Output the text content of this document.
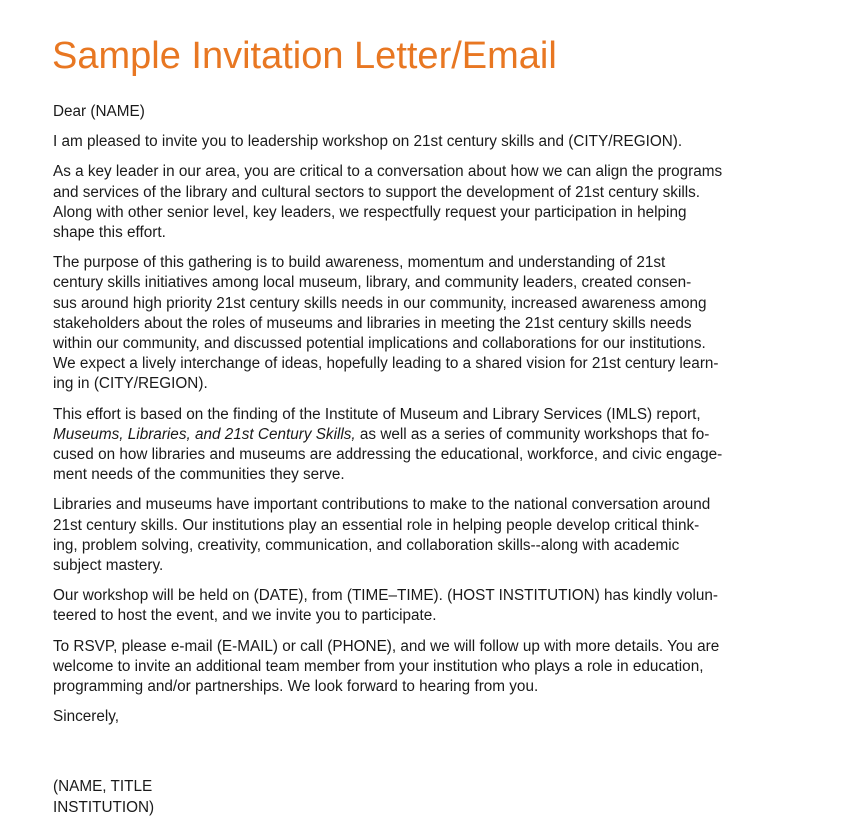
Sample Invitation Letter/Email

Dear (NAME)

I am pleased to invite you to leadership workshop on 21st century skills and (CITY/REGION).

As a key leader in our area, you are critical to a conversation about how we can align the programs
and services of the library and cultural sectors to support the development of 21st century skills.
Along with other senior level, key leaders, we respectfully request your participation in helping
shape this effort.

The purpose of this gathering is to build awareness, momentum and understanding of 21st
century skills initiatives among local museum, library, and community leaders, created consen-
sus around high priority 21st century skills needs in our community, increased awareness among
stakeholders about the roles of museums and libraries in meeting the 21st century skills needs
within our community, and discussed potential implications and collaborations for our institutions.
We expect a lively interchange of ideas, hopefully leading to a shared vision for 21st century learn-
ing in (CITY/REGION).

This effort is based on the finding of the Institute of Museum and Library Services (IMLS) report,
Museums, Libraries, and 21st Century Skills, as well as a series of community workshops that fo-
cused on how libraries and museums are addressing the educational, workforce, and civic engage-
ment needs of the communities they serve.

Libraries and museums have important contributions to make to the national conversation around
21st century skills. Our institutions play an essential role in helping people develop critical think-
ing, problem solving, creativity, communication, and collaboration skills--along with academic
subject mastery.

Our workshop will be held on (DATE), from (TIME–TIME). (HOST INSTITUTION) has kindly volun-
teered to host the event, and we invite you to participate.

To RSVP, please e-mail (E-MAIL) or call (PHONE), and we will follow up with more details. You are
welcome to invite an additional team member from your institution who plays a role in education,
programming and/or partnerships. We look forward to hearing from you.

Sincerely,

(NAME, TITLE
INSTITUTION)
